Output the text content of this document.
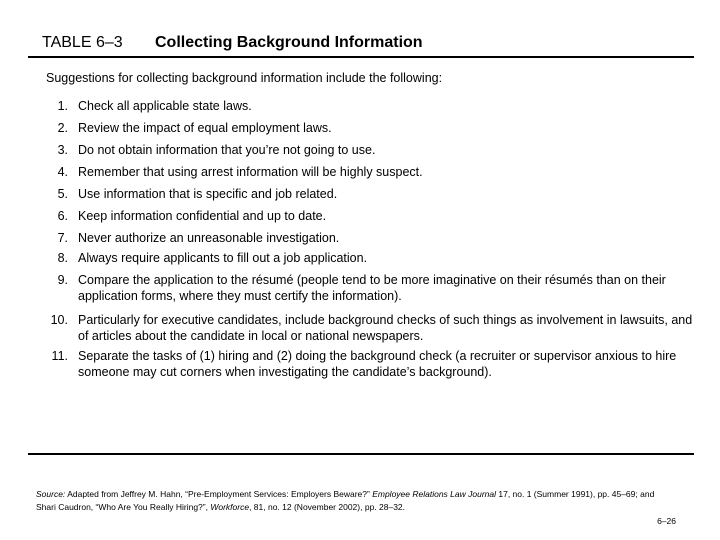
TABLE 6–3 Collecting Background Information
Suggestions for collecting background information include the following:
1. Check all applicable state laws.
2. Review the impact of equal employment laws.
3. Do not obtain information that you’re not going to use.
4. Remember that using arrest information will be highly suspect.
5. Use information that is specific and job related.
6. Keep information confidential and up to date.
7. Never authorize an unreasonable investigation.
8. Always require applicants to fill out a job application.
9. Compare the application to the résumé (people tend to be more imaginative on their résumés than on their application forms, where they must certify the information).
10. Particularly for executive candidates, include background checks of such things as involvement in lawsuits, and of articles about the candidate in local or national newspapers.
11. Separate the tasks of (1) hiring and (2) doing the background check (a recruiter or supervisor anxious to hire someone may cut corners when investigating the candidate’s background).
Source: Adapted from Jeffrey M. Hahn, “Pre-Employment Services: Employers Beware?” Employee Relations Law Journal 17, no. 1 (Summer 1991), pp. 45–69; and Shari Caudron, “Who Are You Really Hiring?”, Workforce, 81, no. 12 (November 2002), pp. 28–32.
6–26
